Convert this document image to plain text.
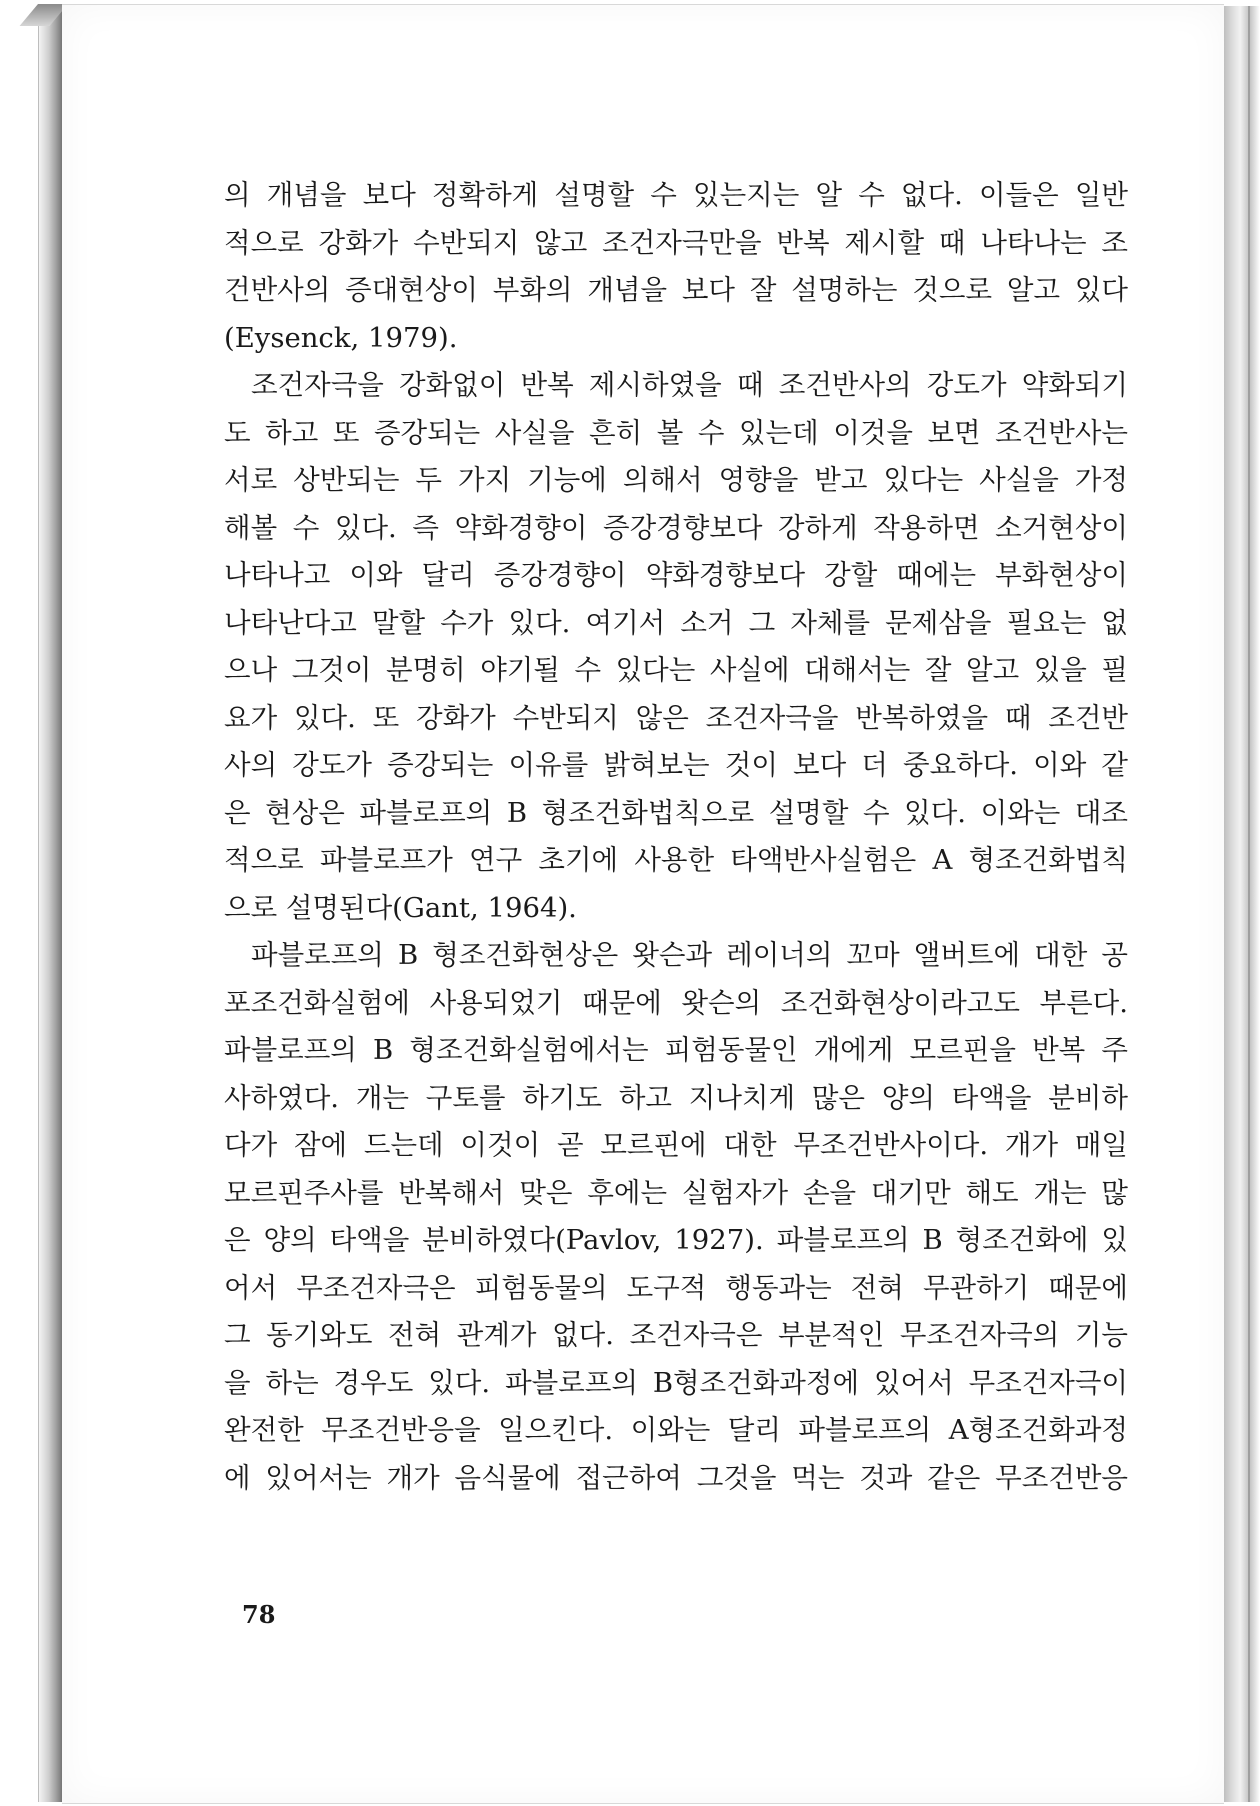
의 개념을 보다 정확하게 설명할 수 있는지는 알 수 없다. 이들은 일반
적으로 강화가 수반되지 않고 조건자극만을 반복 제시할 때 나타나는 조
건반사의 증대현상이 부화의 개념을 보다 잘 설명하는 것으로 알고 있다
(Eysenck, 1979).
조건자극을 강화없이 반복 제시하였을 때 조건반사의 강도가 약화되기
도 하고 또 증강되는 사실을 흔히 볼 수 있는데 이것을 보면 조건반사는
서로 상반되는 두 가지 기능에 의해서 영향을 받고 있다는 사실을 가정
해볼 수 있다. 즉 약화경향이 증강경향보다 강하게 작용하면 소거현상이
나타나고 이와 달리 증강경향이 약화경향보다 강할 때에는 부화현상이
나타난다고 말할 수가 있다. 여기서 소거 그 자체를 문제삼을 필요는 없
으나 그것이 분명히 야기될 수 있다는 사실에 대해서는 잘 알고 있을 필
요가 있다. 또 강화가 수반되지 않은 조건자극을 반복하였을 때 조건반
사의 강도가 증강되는 이유를 밝혀보는 것이 보다 더 중요하다. 이와 같
은 현상은 파블로프의 B 형조건화법칙으로 설명할 수 있다. 이와는 대조
적으로 파블로프가 연구 초기에 사용한 타액반사실험은 A 형조건화법칙
으로 설명된다(Gant, 1964).
파블로프의 B 형조건화현상은 왓슨과 레이너의 꼬마 앨버트에 대한 공
포조건화실험에 사용되었기 때문에 왓슨의 조건화현상이라고도 부른다.
파블로프의 B 형조건화실험에서는 피험동물인 개에게 모르핀을 반복 주
사하였다. 개는 구토를 하기도 하고 지나치게 많은 양의 타액을 분비하
다가 잠에 드는데 이것이 곧 모르핀에 대한 무조건반사이다. 개가 매일
모르핀주사를 반복해서 맞은 후에는 실험자가 손을 대기만 해도 개는 많
은 양의 타액을 분비하였다(Pavlov, 1927). 파블로프의 B 형조건화에 있
어서 무조건자극은 피험동물의 도구적 행동과는 전혀 무관하기 때문에
그 동기와도 전혀 관계가 없다. 조건자극은 부분적인 무조건자극의 기능
을 하는 경우도 있다. 파블로프의 B형조건화과정에 있어서 무조건자극이
완전한 무조건반응을 일으킨다. 이와는 달리 파블로프의 A형조건화과정
에 있어서는 개가 음식물에 접근하여 그것을 먹는 것과 같은 무조건반응
78
